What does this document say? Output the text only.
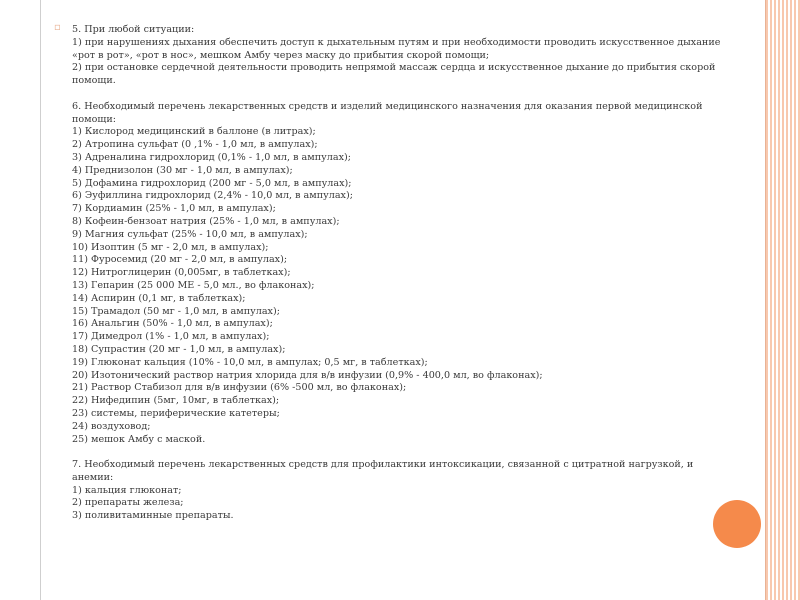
▫ 5. При любой ситуации:
1) при нарушениях дыхания обеспечить доступ к дыхательным путям и при необходимости проводить искусственное дыхание
«рот в рот», «рот в нос», мешком Амбу через маску до прибытия скорой помощи;
2) при остановке сердечной деятельности проводить непрямой массаж сердца и искусственное дыхание до прибытия скорой
помощи.
6. Необходимый перечень лекарственных средств и изделий медицинского назначения для оказания первой медицинской
помощи:
1) Кислород медицинский в баллоне (в литрах);
2) Атропина сульфат (0 ,1% - 1,0 мл, в ампулах);
3) Адреналина гидрохлорид (0,1% - 1,0 мл, в ампулах);
4) Преднизолон (30 мг - 1,0 мл, в ампулах);
5) Дофамина гидрохлорид (200 мг - 5,0 мл, в ампулах);
6) Эуфиллина гидрохлорид (2,4% - 10,0 мл, в ампулах);
7) Кордиамин (25% - 1,0 мл, в ампулах);
8) Кофеин-бензоат натрия (25% - 1,0 мл, в ампулах);
9) Магния сульфат (25% - 10,0 мл, в ампулах);
10) Изоптин (5 мг - 2,0 мл, в ампулах);
11) Фуросемид (20 мг - 2,0 мл, в ампулах);
12) Нитроглицерин (0,005мг, в таблетках);
13) Гепарин (25 000 МЕ - 5,0 мл., во флаконах);
14) Аспирин (0,1 мг, в таблетках);
15) Трамадол (50 мг - 1,0 мл, в ампулах);
16) Анальгин (50% - 1,0 мл, в ампулах);
17) Димедрол (1% - 1,0 мл, в ампулах);
18) Супрастин (20 мг - 1,0 мл, в ампулах);
19) Глюконат кальция (10% - 10,0 мл, в ампулах; 0,5 мг, в таблетках);
20) Изотонический раствор натрия хлорида для в/в инфузии (0,9% - 400,0 мл, во флаконах);
21) Раствор Стабизол для в/в инфузии (6% -500 мл, во флаконах);
22) Нифедипин (5мг, 10мг, в таблетках);
23) системы, периферические катетеры;
24) воздуховод;
25) мешок Амбу с маской.
7. Необходимый перечень лекарственных средств для профилактики интоксикации, связанной с цитратной нагрузкой, и
анемии:
1) кальция глюконат;
2) препараты железа;
3) поливитаминные препараты.
